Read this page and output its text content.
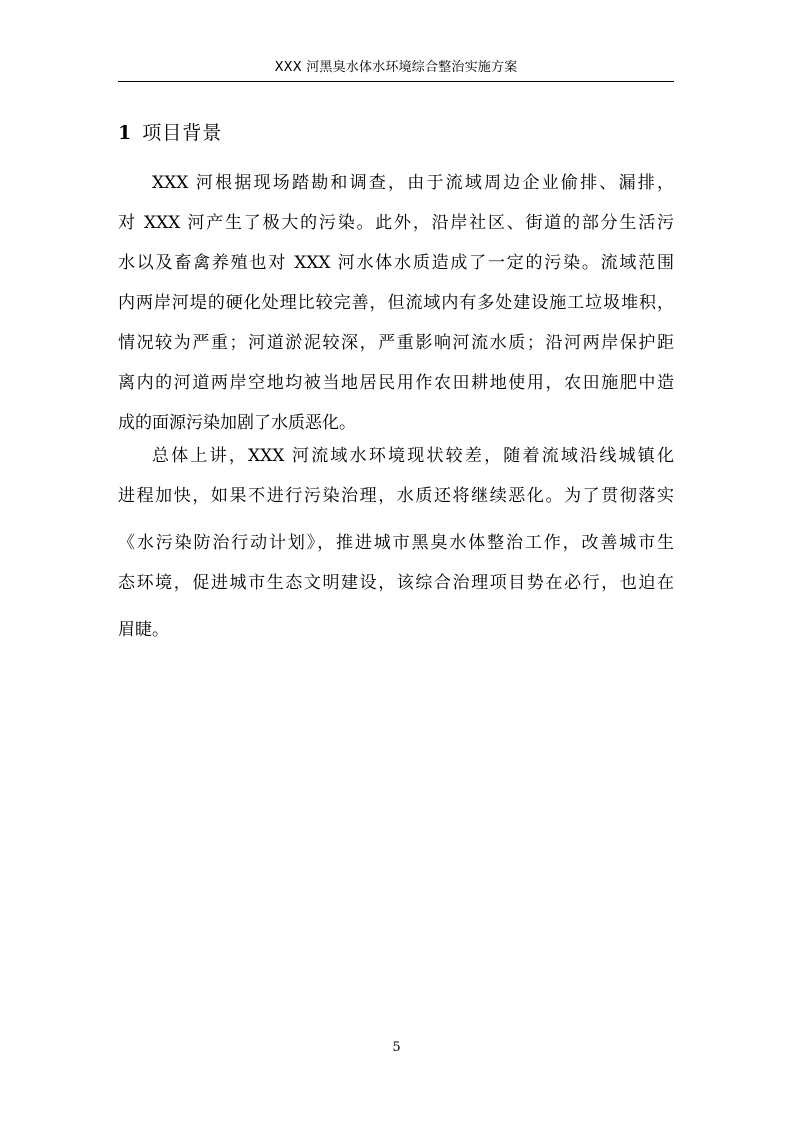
XXX 河黑臭水体水环境综合整治实施方案
1 项目背景
XXX 河根据现场踏勘和调查，由于流域周边企业偷排、漏排，
对 XXX 河产生了极大的污染。此外，沿岸社区、街道的部分生活污
水以及畜禽养殖也对 XXX 河水体水质造成了一定的污染。流域范围
内两岸河堤的硬化处理比较完善，但流域内有多处建设施工垃圾堆积，
情况较为严重；河道淤泥较深，严重影响河流水质；沿河两岸保护距
离内的河道两岸空地均被当地居民用作农田耕地使用，农田施肥中造
成的面源污染加剧了水质恶化。
总体上讲，XXX 河流域水环境现状较差，随着流域沿线城镇化
进程加快，如果不进行污染治理，水质还将继续恶化。为了贯彻落实
《水污染防治行动计划》，推进城市黑臭水体整治工作，改善城市生
态环境，促进城市生态文明建设，该综合治理项目势在必行，也迫在
眉睫。
5
